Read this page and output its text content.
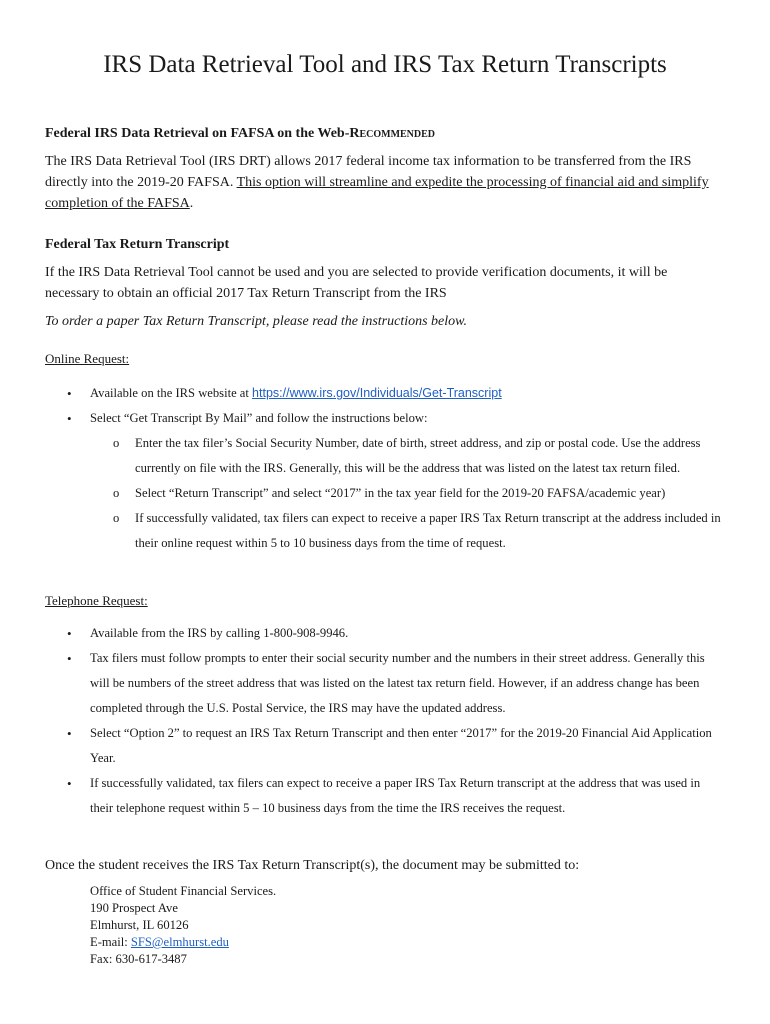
IRS Data Retrieval Tool and IRS Tax Return Transcripts

Federal IRS Data Retrieval on FAFSA on the Web-Recommended

The IRS Data Retrieval Tool (IRS DRT) allows 2017 federal income tax information to be transferred from the IRS directly into the 2019-20 FAFSA. This option will streamline and expedite the processing of financial aid and simplify completion of the FAFSA.

Federal Tax Return Transcript

If the IRS Data Retrieval Tool cannot be used and you are selected to provide verification documents, it will be necessary to obtain an official 2017 Tax Return Transcript from the IRS

To order a paper Tax Return Transcript, please read the instructions below.

Online Request:

• Available on the IRS website at https://www.irs.gov/Individuals/Get-Transcript
• Select “Get Transcript By Mail” and follow the instructions below:
o Enter the tax filer’s Social Security Number, date of birth, street address, and zip or postal code. Use the address currently on file with the IRS. Generally, this will be the address that was listed on the latest tax return filed.
o Select “Return Transcript” and select “2017” in the tax year field for the 2019-20 FAFSA/academic year)
o If successfully validated, tax filers can expect to receive a paper IRS Tax Return transcript at the address included in their online request within 5 to 10 business days from the time of request.

Telephone Request:

• Available from the IRS by calling 1-800-908-9946.
• Tax filers must follow prompts to enter their social security number and the numbers in their street address. Generally this will be numbers of the street address that was listed on the latest tax return field. However, if an address change has been completed through the U.S. Postal Service, the IRS may have the updated address.
• Select “Option 2” to request an IRS Tax Return Transcript and then enter “2017” for the 2019-20 Financial Aid Application Year.
• If successfully validated, tax filers can expect to receive a paper IRS Tax Return transcript at the address that was used in their telephone request within 5 – 10 business days from the time the IRS receives the request.

Once the student receives the IRS Tax Return Transcript(s), the document may be submitted to:

Office of Student Financial Services.
190 Prospect Ave
Elmhurst, IL 60126
E-mail: SFS@elmhurst.edu
Fax: 630-617-3487
